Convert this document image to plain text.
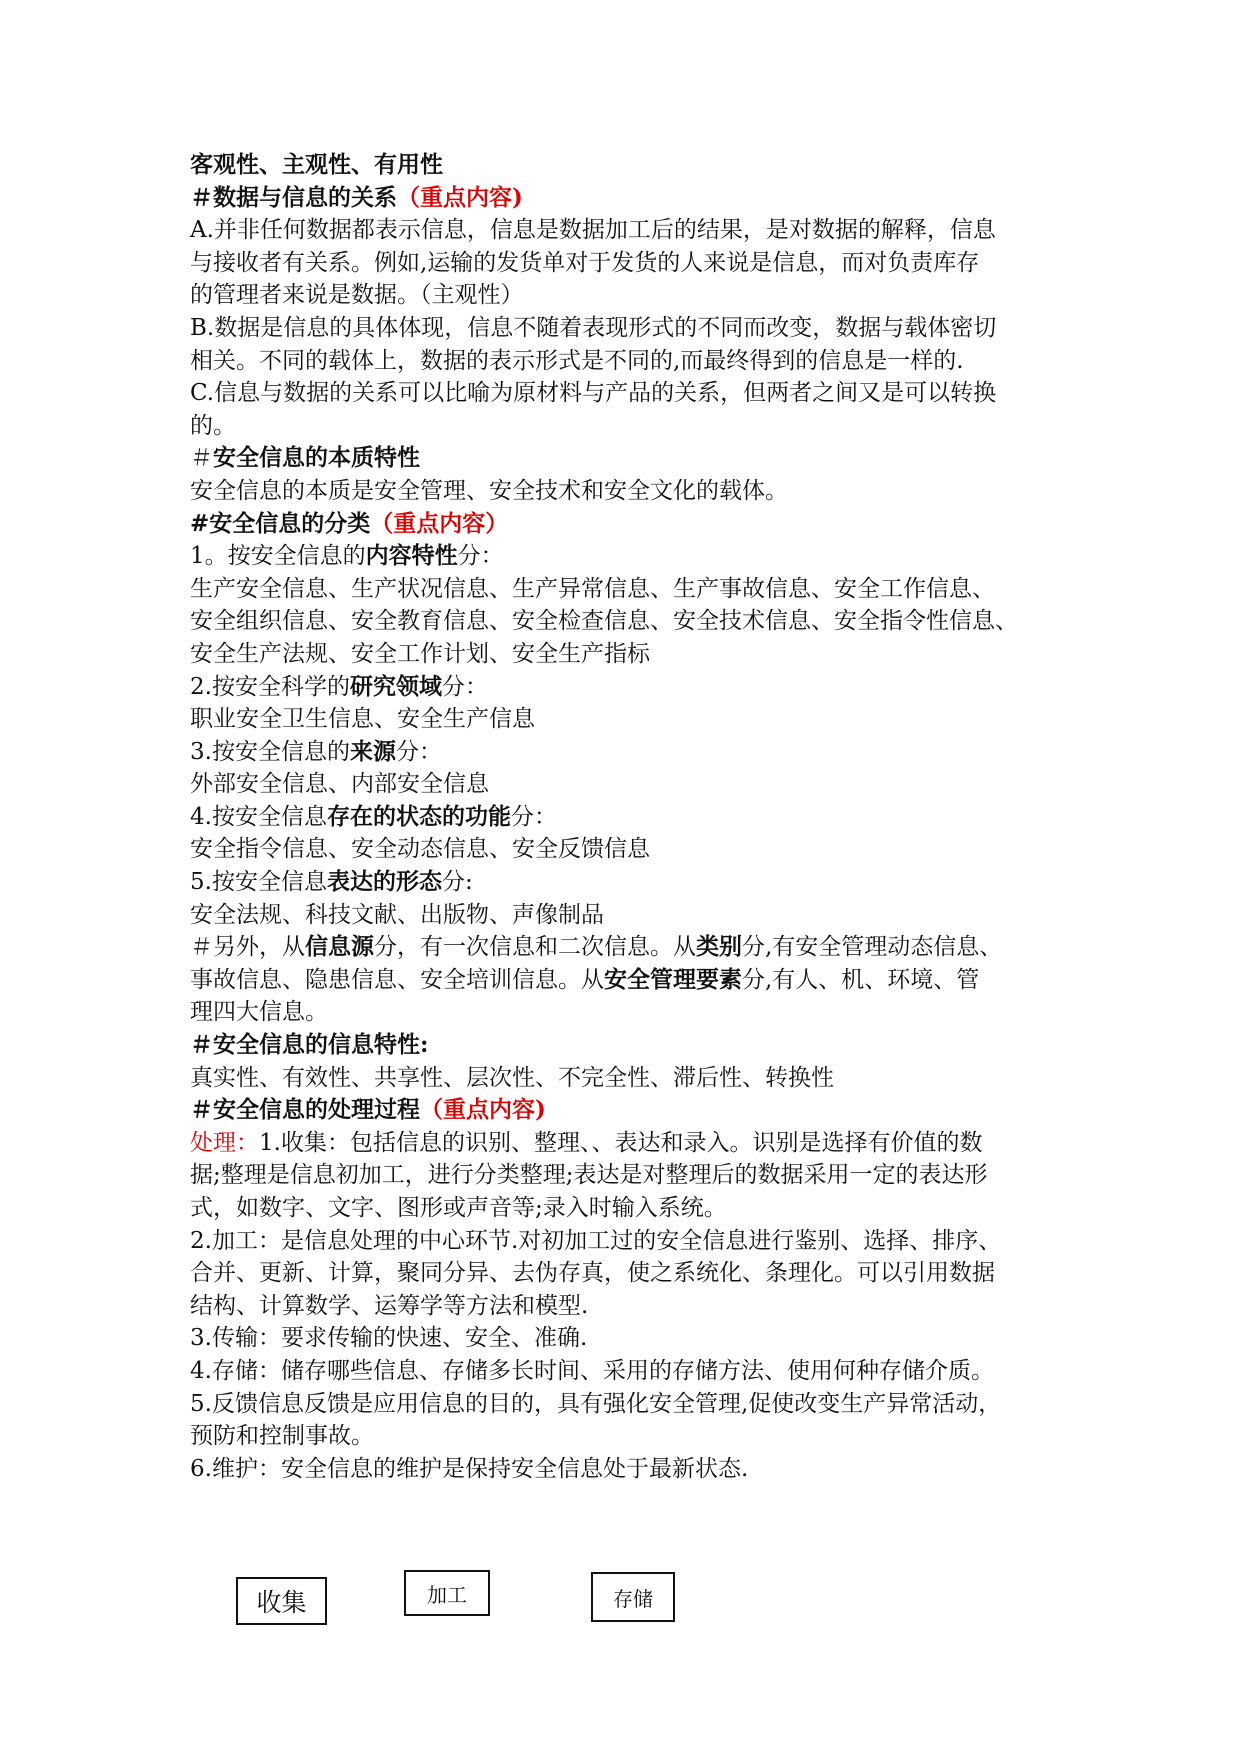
客观性、主观性、有用性
＃数据与信息的关系（重点内容)
A.并非任何数据都表示信息，信息是数据加工后的结果，是对数据的解释，信息
与接收者有关系。例如,运输的发货单对于发货的人来说是信息，而对负责库存
的管理者来说是数据。（主观性）
B.数据是信息的具体体现，信息不随着表现形式的不同而改变，数据与载体密切
相关。不同的载体上，数据的表示形式是不同的,而最终得到的信息是一样的.
C.信息与数据的关系可以比喻为原材料与产品的关系，但两者之间又是可以转换
的。
＃安全信息的本质特性
安全信息的本质是安全管理、安全技术和安全文化的载体。
#安全信息的分类（重点内容）
1。按安全信息的内容特性分：
生产安全信息、生产状况信息、生产异常信息、生产事故信息、安全工作信息、
安全组织信息、安全教育信息、安全检查信息、安全技术信息、安全指令性信息、
安全生产法规、安全工作计划、安全生产指标
2.按安全科学的研究领域分：
职业安全卫生信息、安全生产信息
3.按安全信息的来源分：
外部安全信息、内部安全信息
4.按安全信息存在的状态的功能分：
安全指令信息、安全动态信息、安全反馈信息
5.按安全信息表达的形态分:
安全法规、科技文献、出版物、声像制品
＃另外，从信息源分，有一次信息和二次信息。从类别分,有安全管理动态信息、
事故信息、隐患信息、安全培训信息。从安全管理要素分,有人、机、环境、管
理四大信息。
＃安全信息的信息特性:
真实性、有效性、共享性、层次性、不完全性、滞后性、转换性
＃安全信息的处理过程（重点内容)
处理：1.收集：包括信息的识别、整理、、表达和录入。识别是选择有价值的数
据;整理是信息初加工，进行分类整理;表达是对整理后的数据采用一定的表达形
式，如数字、文字、图形或声音等;录入时输入系统。
2.加工：是信息处理的中心环节.对初加工过的安全信息进行鉴别、选择、排序、
合并、更新、计算，聚同分异、去伪存真，使之系统化、条理化。可以引用数据
结构、计算数学、运筹学等方法和模型.
3.传输：要求传输的快速、安全、准确.
4.存储：储存哪些信息、存储多长时间、采用的存储方法、使用何种存储介质。
5.反馈信息反馈是应用信息的目的，具有强化安全管理,促使改变生产异常活动，
预防和控制事故。
6.维护：安全信息的维护是保持安全信息处于最新状态.
收集	加工	存储
